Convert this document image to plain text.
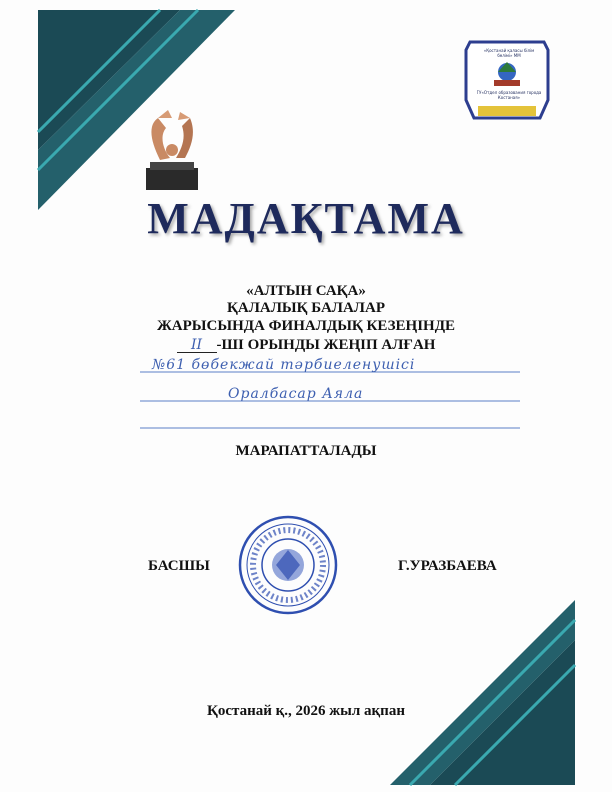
«Қостанай қаласы білім бөлімі» ММ
ГУ«Отдел образования города Костаная»
МАДАҚТАМА
«АЛТЫН САҚА»
ҚАЛАЛЫҚ БАЛАЛАР
ЖАРЫСЫНДА ФИНАЛДЫҚ КЕЗЕҢІНДЕ
II -ШІ ОРЫНДЫ ЖЕҢІП АЛҒАН
№61 бөбекжай тәрбиеленушісі
Оралбасар Аяла
МАРАПАТТАЛАДЫ
БАСШЫ	Г.УРАЗБАЕВА
Қостанай қ., 2026 жыл ақпан
